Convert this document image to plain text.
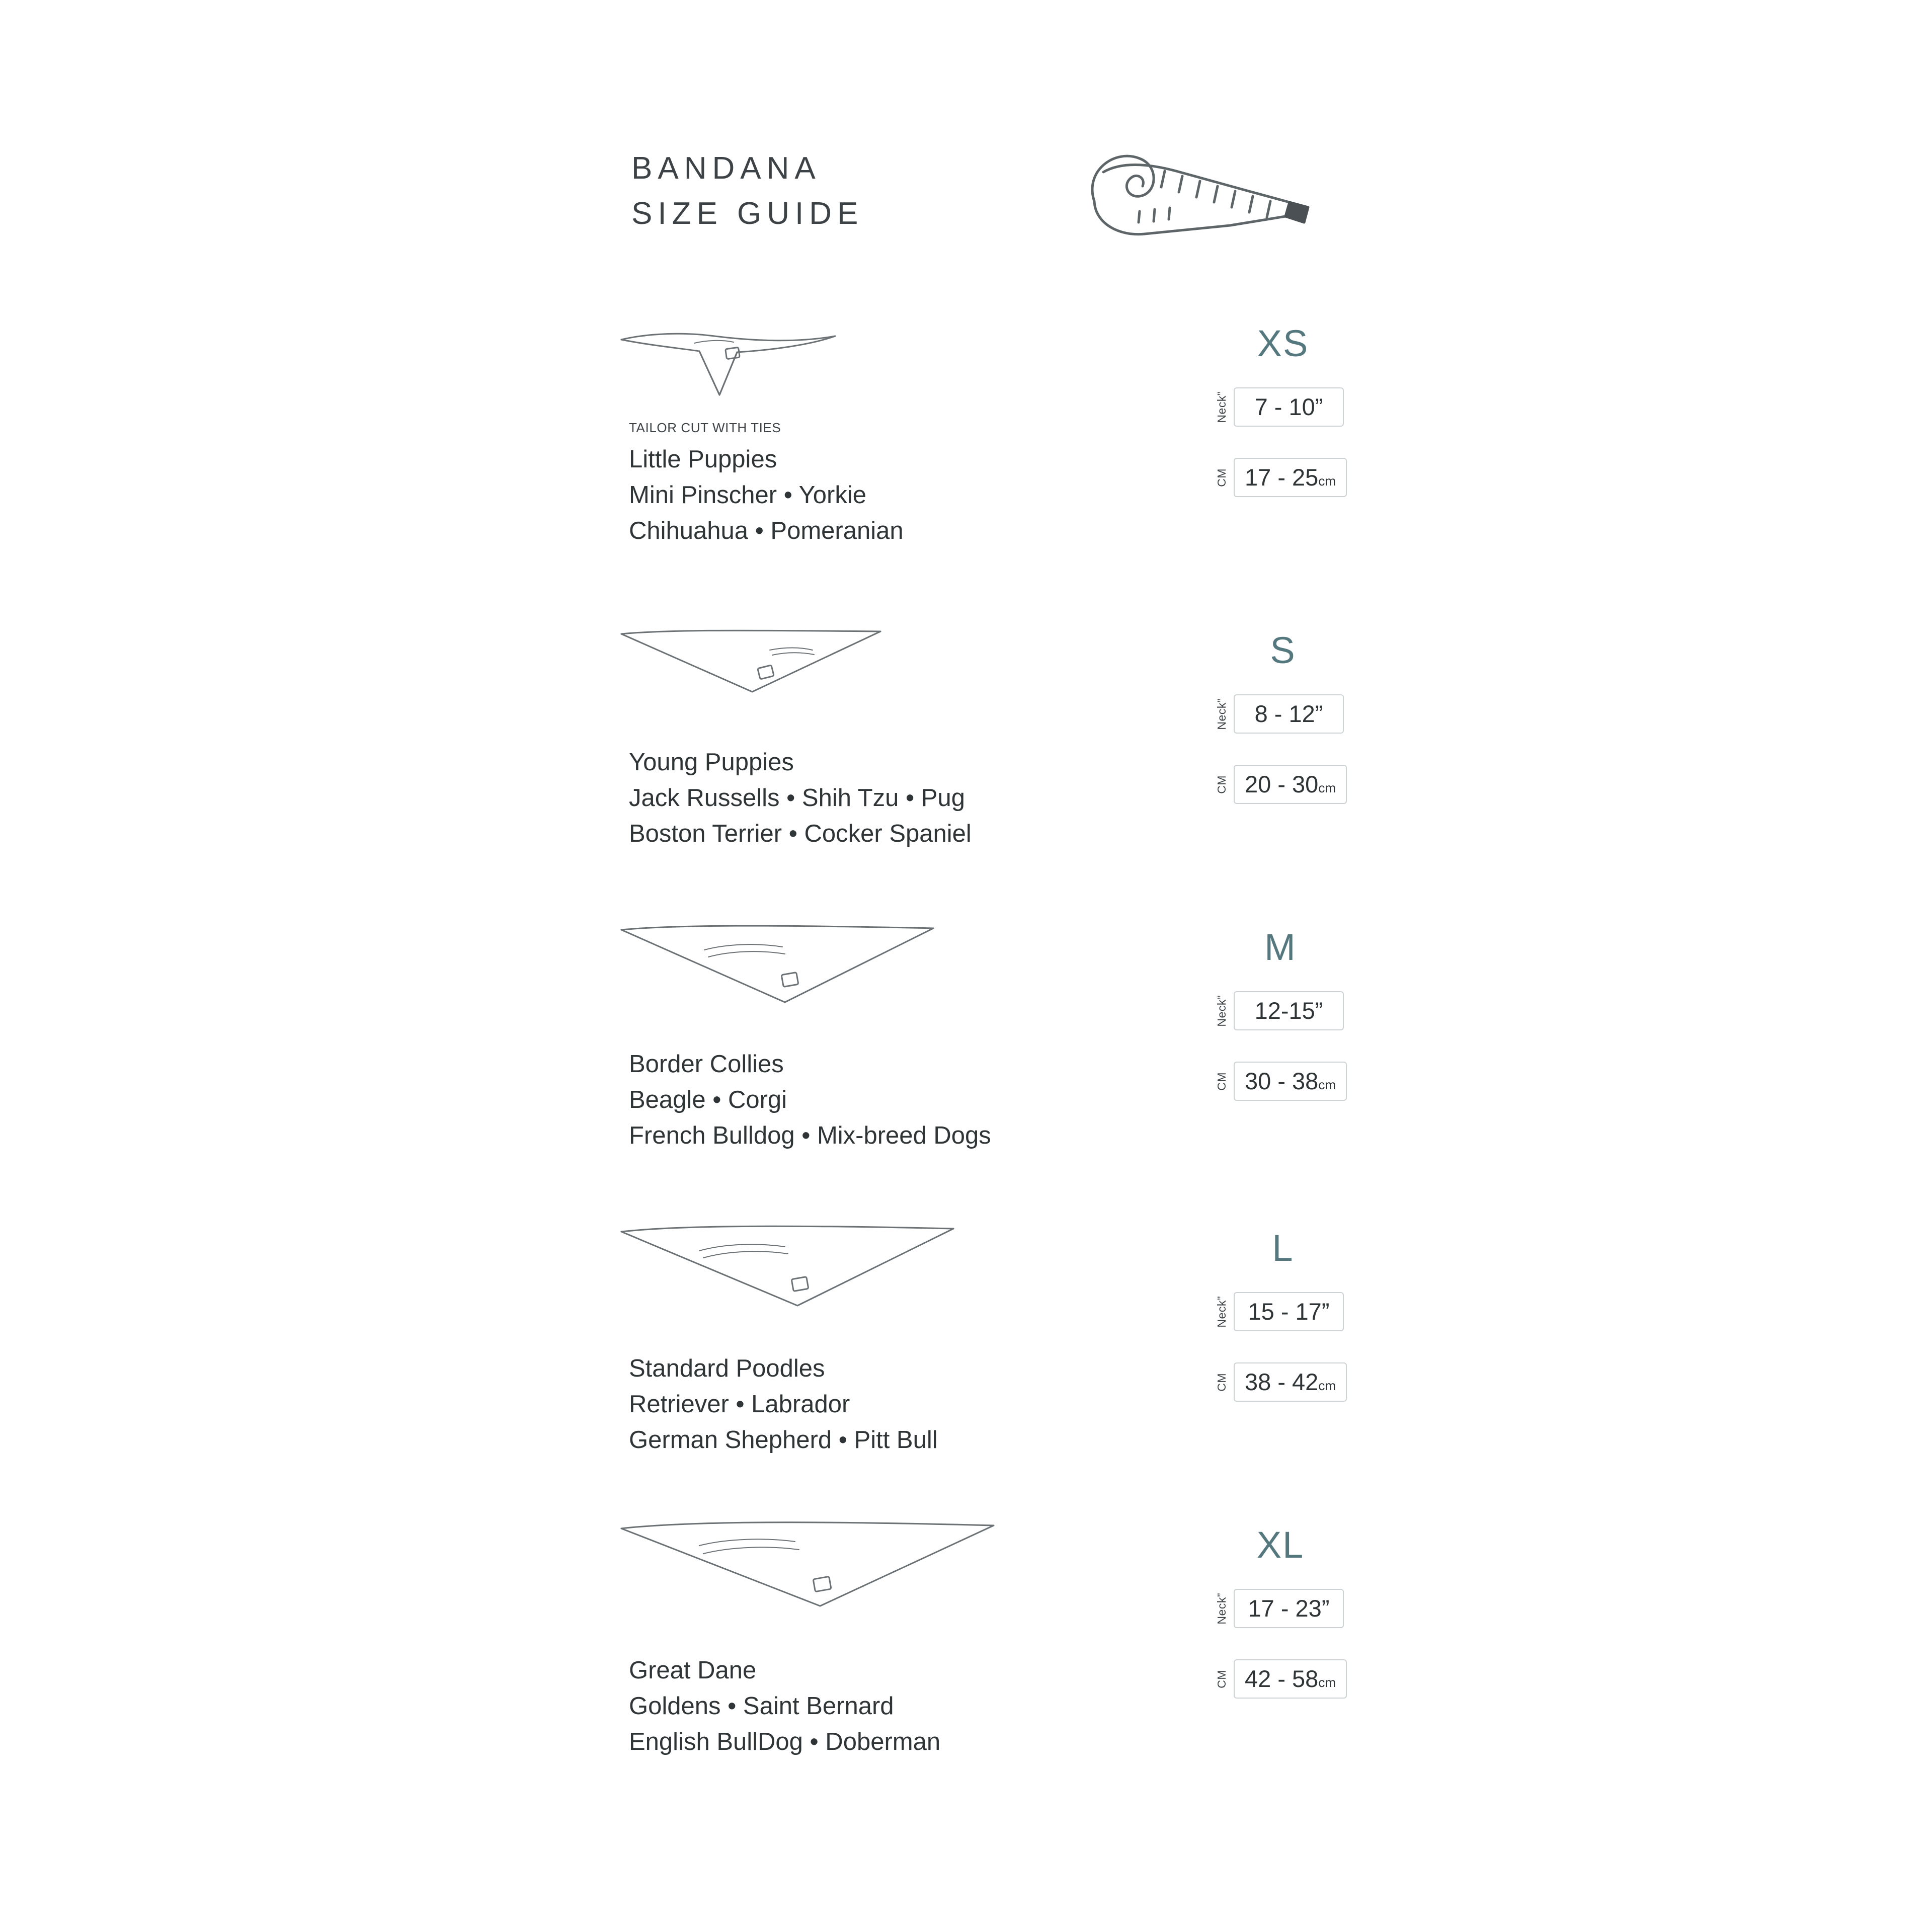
BANDANA
SIZE GUIDE
TAILOR CUT WITH TIES
Little Puppies
Mini Pinscher • Yorkie
Chihuahua • Pomeranian
XS
Neck”	7 - 10”
CM 17 - 25cm
Young Puppies
Jack Russells • Shih Tzu • Pug
Boston Terrier • Cocker Spaniel
S
Neck”	8 - 12”
CM 20 - 30cm
Border Collies
Beagle • Corgi
French Bulldog • Mix-breed Dogs
M
Neck”	12-15”
CM 30 - 38cm
Standard Poodles
Retriever • Labrador
German Shepherd • Pitt Bull
L
Neck” 15 - 17”
CM 38 - 42cm
Great Dane
Goldens • Saint Bernard
English BullDog • Doberman
XL
Neck” 17 - 23”
CM 42 - 58cm
